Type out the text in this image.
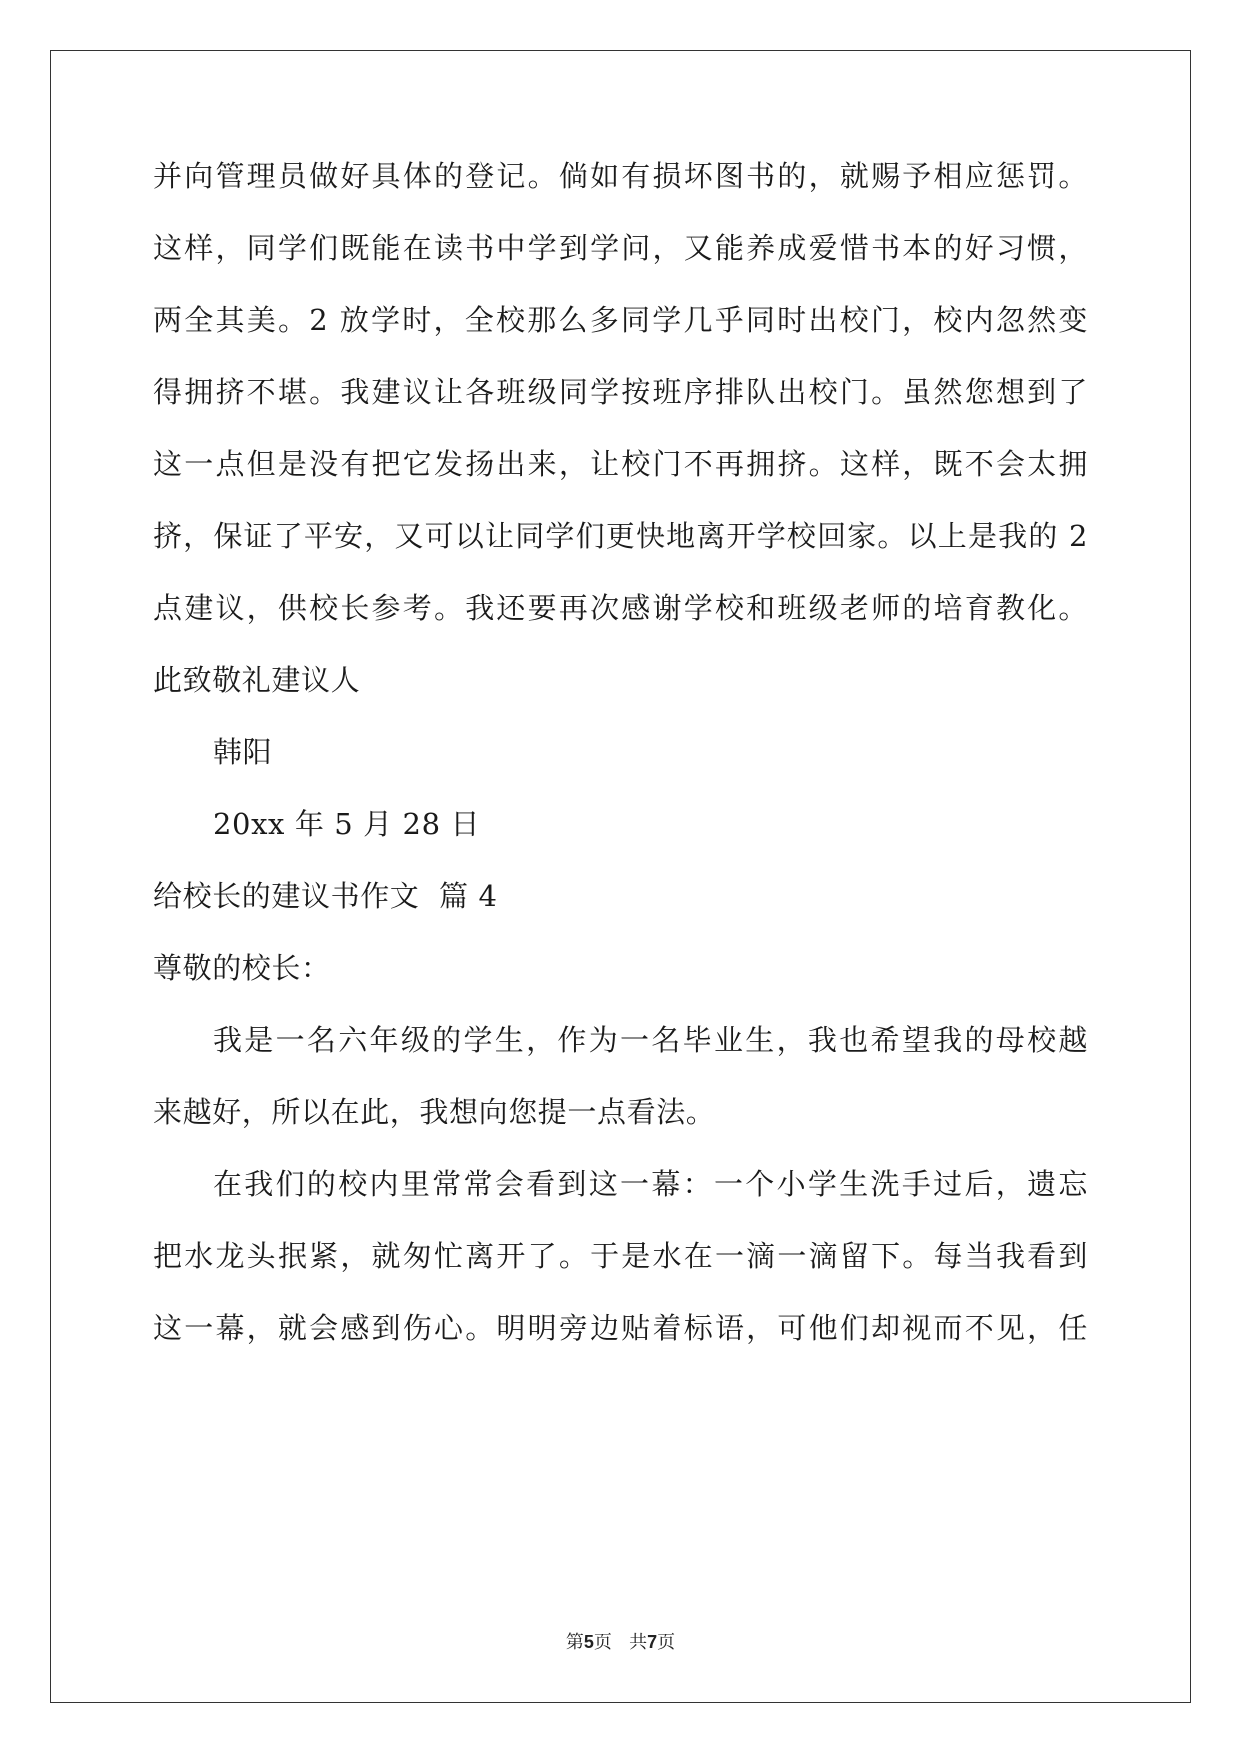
并向管理员做好具体的登记。倘如有损坏图书的，就赐予相应惩罚。
这样，同学们既能在读书中学到学问，又能养成爱惜书本的好习惯，
两全其美。2 放学时，全校那么多同学几乎同时出校门，校内忽然变
得拥挤不堪。我建议让各班级同学按班序排队出校门。虽然您想到了
这一点但是没有把它发扬出来，让校门不再拥挤。这样，既不会太拥
挤，保证了平安，又可以让同学们更快地离开学校回家。以上是我的 2
点建议，供校长参考。我还要再次感谢学校和班级老师的培育教化。
此致敬礼建议人
韩阳
20xx 年 5 月 28 日
给校长的建议书作文  篇 4
尊敬的校长：
我是一名六年级的学生，作为一名毕业生，我也希望我的母校越
来越好，所以在此，我想向您提一点看法。
在我们的校内里常常会看到这一幕：一个小学生洗手过后，遗忘
把水龙头抿紧，就匆忙离开了。于是水在一滴一滴留下。每当我看到
这一幕，就会感到伤心。明明旁边贴着标语，可他们却视而不见，任
第5页 共7页
